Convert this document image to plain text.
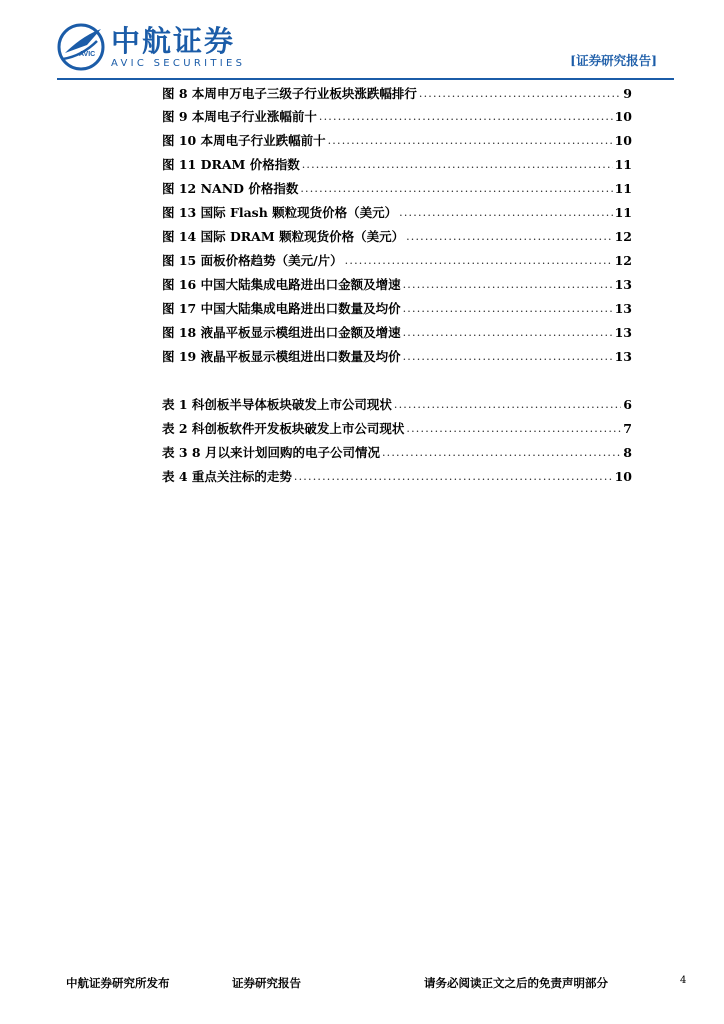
AVIC 中航证券
AVIC SECURITIES	[证券研究报告]
图 8 本周申万电子三级子行业板块涨跌幅排行 .....	9
图 9 本周电子行业涨幅前十 .....	10
图 10 本周电子行业跌幅前十 .....	10
图 11 DRAM 价格指数 .....	11
图 12 NAND 价格指数 .....	11
图 13 国际 Flash 颗粒现货价格（美元） .....	11
图 14 国际 DRAM 颗粒现货价格（美元） .....	12
图 15 面板价格趋势（美元/片） .....	12
图 16 中国大陆集成电路进出口金额及增速 .....	13
图 17 中国大陆集成电路进出口数量及均价 .....	13
图 18 液晶平板显示模组进出口金额及增速 .....	13
图 19 液晶平板显示模组进出口数量及均价 .....	13
表 1 科创板半导体板块破发上市公司现状 .....	6
表 2 科创板软件开发板块破发上市公司现状 .....	7
表 3 8 月以来计划回购的电子公司情况 .....	8
表 4 重点关注标的走势 .....	10
中航证券研究所发布	证券研究报告	请务必阅读正文之后的免责声明部分	4
